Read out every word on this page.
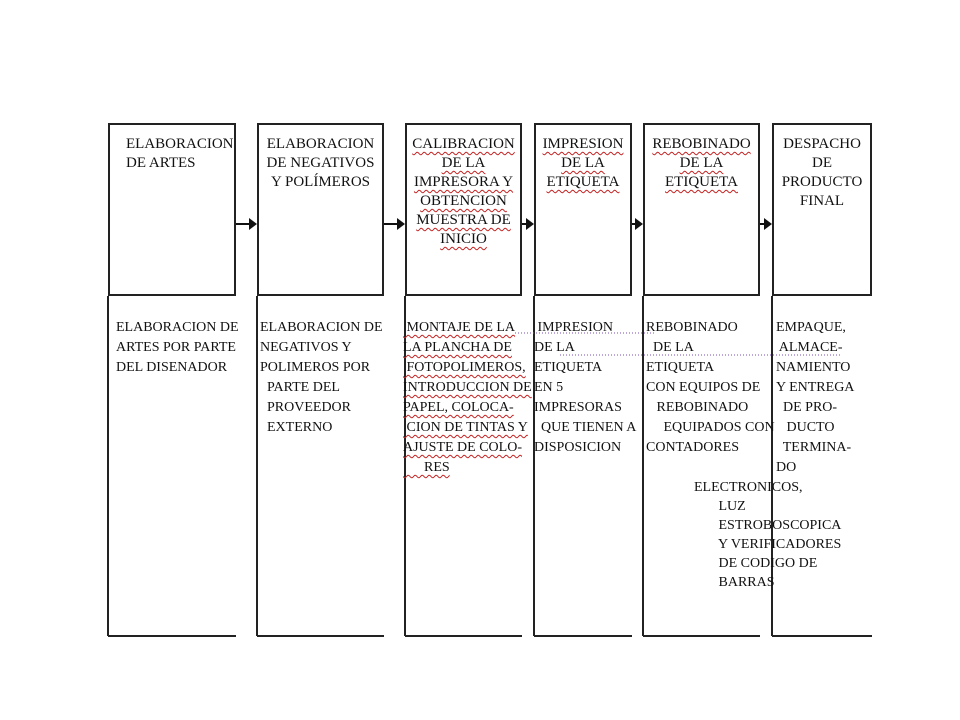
ELABORACION
DE ARTES
ELABORACION
DE NEGATIVOS
Y POLÍMEROS
CALIBRACION
DE LA
IMPRESORA Y
OBTENCION
MUESTRA DE
INICIO
IMPRESION
DE LA
ETIQUETA
REBOBINADO
DE LA
ETIQUETA
DESPACHO
DE
PRODUCTO
FINAL

ELABORACION DE
ARTES POR PARTE
DEL DISENADOR

ELABORACION DE
NEGATIVOS Y
POLIMEROS POR
PARTE DEL
PROVEEDOR
EXTERNO

MONTAJE DE LA
LA PLANCHA DE
FOTOPOLIMEROS,
INTRODUCCION DE
PAPEL, COLOCA-
CION DE TINTAS Y
AJUSTE DE COLO-
RES

IMPRESION
DE LA
ETIQUETA
EN 5
IMPRESORAS
QUE TIENEN A
DISPOSICION

REBOBINADO
DE LA
ETIQUETA
CON EQUIPOS DE
REBOBINADO
EQUIPADOS CON
CONTADORES

EMPAQUE,
ALMACE-
NAMIENTO
Y ENTREGA
DE PRO-
DUCTO
TERMINA-
DO

ELECTRONICOS,
LUZ
ESTROBOSCOPICA
Y VERIFICADORES
DE CODIGO DE
BARRAS
